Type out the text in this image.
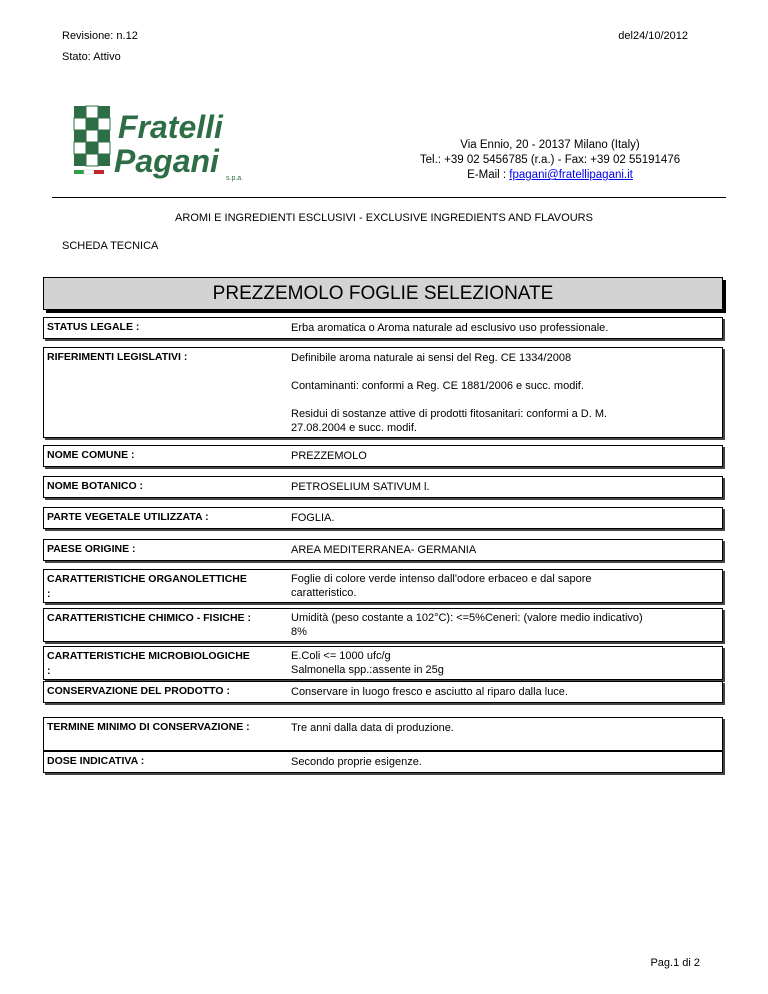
Revisione: n.12	del24/10/2012
Stato: Attivo
Fratelli
Pagani s.p.a.
Via Ennio, 20 - 20137 Milano (Italy)
Tel.: +39 02 5456785 (r.a.) - Fax: +39 02 55191476
E-Mail : fpagani@fratellipagani.it
AROMI E INGREDIENTI ESCLUSIVI - EXCLUSIVE INGREDIENTS AND FLAVOURS
SCHEDA TECNICA
PREZZEMOLO FOGLIE SELEZIONATE
STATUS LEGALE :	Erba aromatica o Aroma naturale ad esclusivo uso professionale.
RIFERIMENTI LEGISLATIVI :	Definibile aroma naturale ai sensi del Reg. CE 1334/2008
Contaminanti: conformi a Reg. CE 1881/2006 e succ. modif.
Residui di sostanze attive di prodotti fitosanitari: conformi a D. M.
27.08.2004 e succ. modif.
NOME COMUNE :	PREZZEMOLO
NOME BOTANICO :	PETROSELIUM SATIVUM l.
PARTE VEGETALE UTILIZZATA :	FOGLIA.
PAESE ORIGINE :	AREA MEDITERRANEA- GERMANIA
CARATTERISTICHE ORGANOLETTICHE :
Foglie di colore verde intenso dall'odore erbaceo e dal sapore
caratteristico.
CARATTERISTICHE CHIMICO - FISICHE :	Umidità (peso costante a 102°C): <=5%Ceneri: (valore medio indicativo)
8%
CARATTERISTICHE MICROBIOLOGICHE :
E.Coli <= 1000 ufc/g
Salmonella spp.:assente in 25g
CONSERVAZIONE DEL PRODOTTO :	Conservare in luogo fresco e asciutto al riparo dalla luce.
TERMINE MINIMO DI CONSERVAZIONE :	Tre anni dalla data di produzione.
DOSE INDICATIVA :	Secondo proprie esigenze.
Pag.1 di 2
